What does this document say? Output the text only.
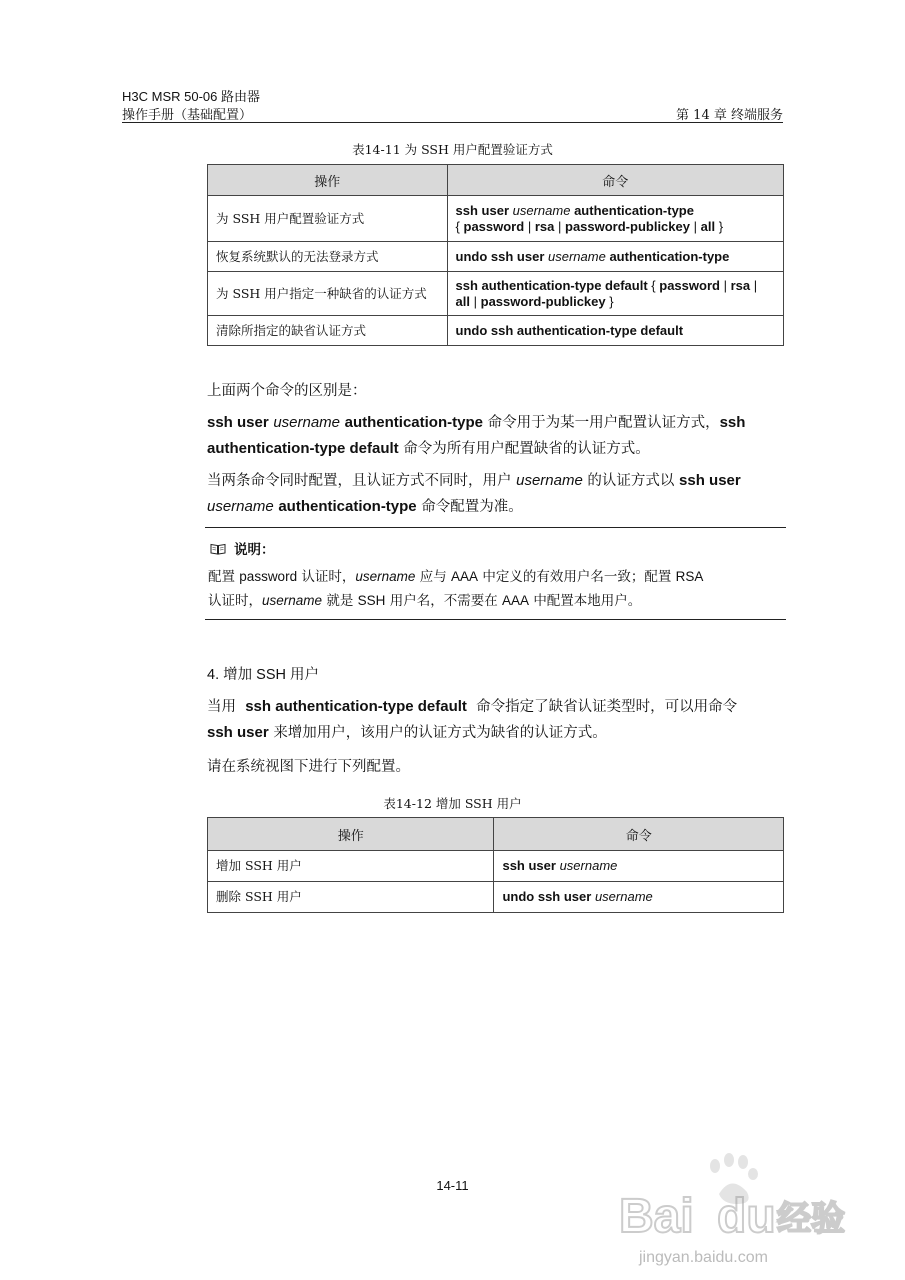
H3C MSR 50-06 路由器
操作手册（基础配置）	第 14 章 终端服务
表14-11 为 SSH 用户配置验证方式
操作	命令
为 SSH 用户配置验证方式	ssh user username authentication-type
{ password | rsa | password-publickey | all }
恢复系统默认的无法登录方式	undo ssh user username authentication-type
为 SSH 用户指定一种缺省的认证方式	ssh authentication-type default { password | rsa |
all | password-publickey }
清除所指定的缺省认证方式	undo ssh authentication-type default
上面两个命令的区别是：
ssh user username authentication-type 命令用于为某一用户配置认证方式，ssh
authentication-type default 命令为所有用户配置缺省的认证方式。
当两条命令同时配置，且认证方式不同时，用户 username 的认证方式以 ssh user
username authentication-type 命令配置为准。
说明：
配置 password 认证时，username 应与 AAA 中定义的有效用户名一致；配置 RSA
认证时，username 就是 SSH 用户名，不需要在 AAA 中配置本地用户。
4. 增加 SSH 用户
当用 ssh authentication-type default 命令指定了缺省认证类型时，可以用命令
ssh user 来增加用户，该用户的认证方式为缺省的认证方式。
请在系统视图下进行下列配置。
表14-12 增加 SSH 用户
操作	命令
增加 SSH 用户	ssh user username
删除 SSH 用户	undo ssh user username
14-11
Bai du 经验
jingyan.baidu.com
